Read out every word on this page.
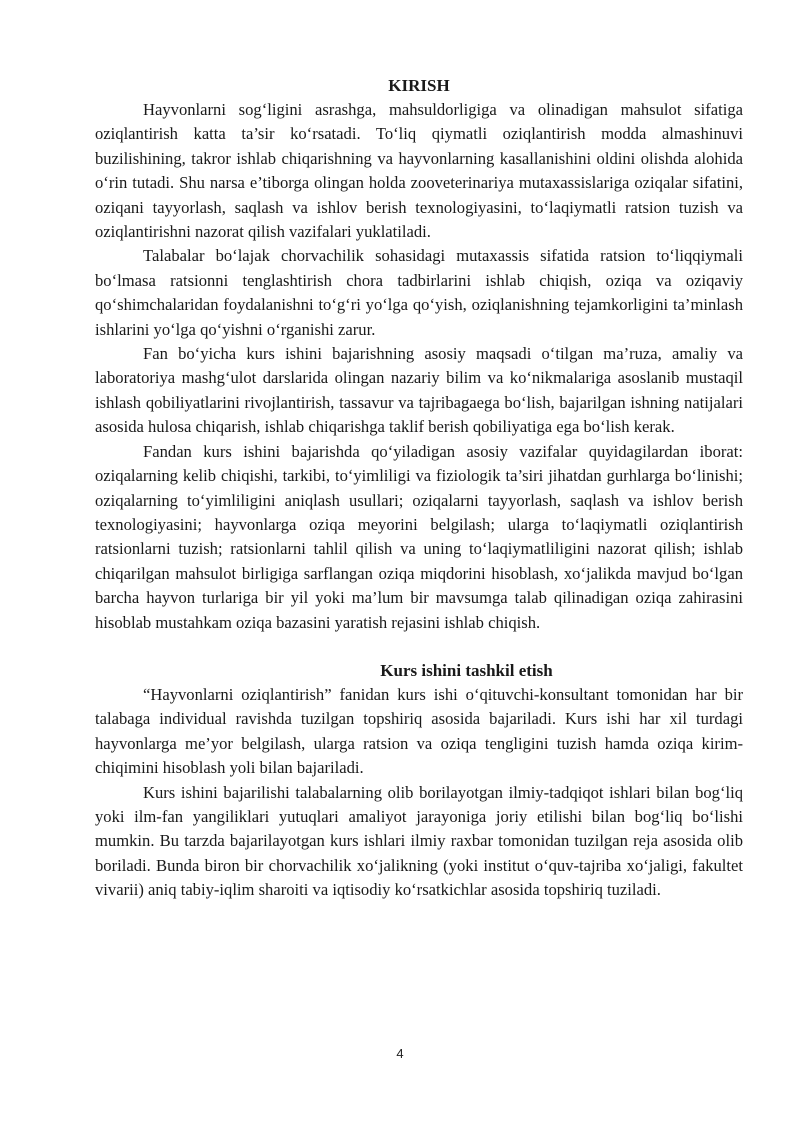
KIRISH

Hayvonlarni sog‘ligini asrashga, mahsuldorligiga va olinadigan mahsulot sifatiga oziqlantirish katta ta’sir ko‘rsatadi. To‘liq qiymatli oziqlantirish modda almashinuvi buzilishining, takror ishlab chiqarishning va hayvonlarning kasallanishini oldini olishda alohida o‘rin tutadi. Shu narsa e’tiborga olingan holda zooveterinariya mutaxassislariga oziqalar sifatini, oziqani tayyorlash, saqlash va ishlov berish texnologiyasini, to‘laqiymatli ratsion tuzish va oziqlantirishni nazorat qilish vazifalari yuklatiladi.

Talabalar bo‘lajak chorvachilik sohasidagi mutaxassis sifatida ratsion to‘liqqiymali bo‘lmasa ratsionni tenglashtirish chora tadbirlarini ishlab chiqish, oziqa va oziqaviy qo‘shimchalaridan foydalanishni to‘g‘ri yo‘lga qo‘yish, oziqlanishning tejamkorligini ta’minlash ishlarini yo‘lga qo‘yishni o‘rganishi zarur.

Fan bo‘yicha kurs ishini bajarishning asosiy maqsadi o‘tilgan ma’ruza, amaliy va laboratoriya mashg‘ulot darslarida olingan nazariy bilim va ko‘nikmalariga asoslanib mustaqil ishlash qobiliyatlarini rivojlantirish, tassavur va tajribagaega bo‘lish, bajarilgan ishning natijalari asosida hulosa chiqarish, ishlab chiqarishga taklif berish qobiliyatiga ega bo‘lish kerak.

Fandan kurs ishini bajarishda qo‘yiladigan asosiy vazifalar quyidagilardan iborat: oziqalarning kelib chiqishi, tarkibi, to‘yimliligi va fiziologik ta’siri jihatdan gurhlarga bo‘linishi; oziqalarning to‘yimliligini aniqlash usullari; oziqalarni tayyorlash, saqlash va ishlov berish texnologiyasini; hayvonlarga oziqa meyorini belgilash; ularga to‘laqiymatli oziqlantirish ratsionlarni tuzish; ratsionlarni tahlil qilish va uning to‘laqiymatliligini nazorat qilish; ishlab chiqarilgan mahsulot birligiga sarflangan oziqa miqdorini hisoblash, xo‘jalikda mavjud bo‘lgan barcha hayvon turlariga bir yil yoki ma’lum bir mavsumga talab qilinadigan oziqa zahirasini hisoblab mustahkam oziqa bazasini yaratish rejasini ishlab chiqish.

Kurs ishini tashkil etish

“Hayvonlarni oziqlantirish” fanidan kurs ishi o‘qituvchi-konsultant tomonidan har bir talabaga individual ravishda tuzilgan topshiriq asosida bajariladi. Kurs ishi har xil turdagi hayvonlarga me’yor belgilash, ularga ratsion va oziqa tengligini tuzish hamda oziqa kirim-chiqimini hisoblash yoli bilan bajariladi.

Kurs ishini bajarilishi talabalarning olib borilayotgan ilmiy-tadqiqot ishlari bilan bog‘liq yoki ilm-fan yangiliklari yutuqlari amaliyot jarayoniga joriy etilishi bilan bog‘liq bo‘lishi mumkin. Bu tarzda bajarilayotgan kurs ishlari ilmiy raxbar tomonidan tuzilgan reja asosida olib boriladi. Bunda biron bir chorvachilik xo‘jalikning (yoki institut o‘quv-tajriba xo‘jaligi, fakultet vivarii) aniq tabiy-iqlim sharoiti va iqtisodiy ko‘rsatkichlar asosida topshiriq tuziladi.

4
